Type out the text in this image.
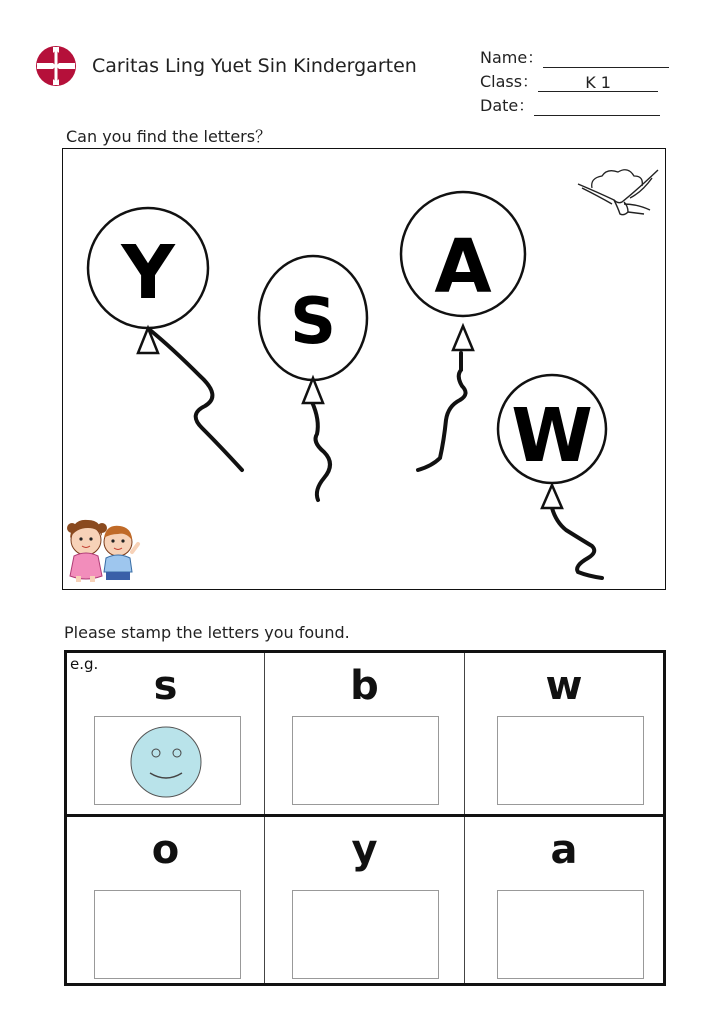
Caritas Ling Yuet Sin Kindergarten	Name：
Class：	K 1
Date：
Can you find the letters？
Y
S
A
W
Please stamp the letters you found.
e.g.	s	b	w
o	y	a
